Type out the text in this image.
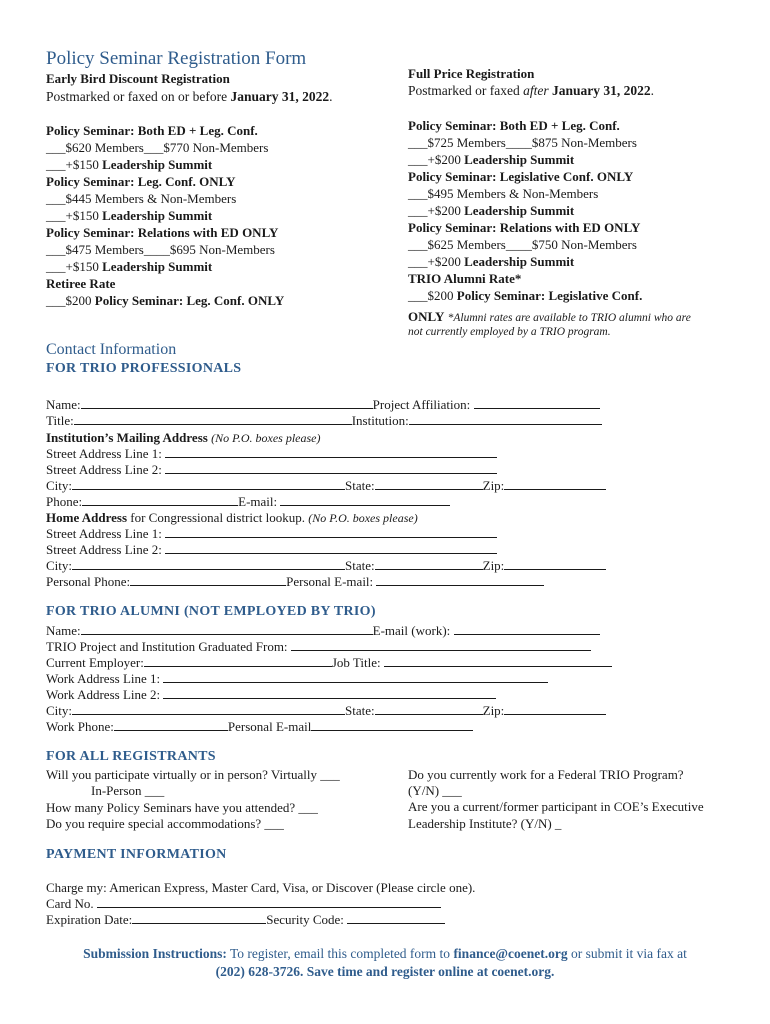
Policy Seminar Registration Form
Early Bird Discount Registration
Postmarked or faxed on or before January 31, 2022.
Policy Seminar: Both ED + Leg. Conf.
___$620 Members___$770 Non-Members
___+$150 Leadership Summit
Policy Seminar: Leg. Conf. ONLY
___$445 Members & Non-Members
___+$150 Leadership Summit
Policy Seminar: Relations with ED ONLY
___$475 Members____$695 Non-Members
___+$150 Leadership Summit
Retiree Rate
___$200 Policy Seminar: Leg. Conf. ONLY
Full Price Registration
Postmarked or faxed after January 31, 2022.
Policy Seminar: Both ED + Leg. Conf.
___$725 Members____$875 Non-Members
___+$200 Leadership Summit
Policy Seminar: Legislative Conf. ONLY
___$495 Members & Non-Members
___+$200 Leadership Summit
Policy Seminar: Relations with ED ONLY
___$625 Members____$750 Non-Members
___+$200 Leadership Summit
TRIO Alumni Rate*
___$200 Policy Seminar: Legislative Conf.
ONLY *Alumni rates are available to TRIO alumni who are
not currently employed by a TRIO program.
Contact Information
FOR TRIO PROFESSIONALS
Name:	Project Affiliation:
Title:	Institution:
Institution’s Mailing Address (No P.O. boxes please)
Street Address Line 1:
Street Address Line 2:
City:	State:	Zip:
Phone:	E-mail:
Home Address for Congressional district lookup. (No P.O. boxes please)
Street Address Line 1:
Street Address Line 2:
City:	State:	Zip:
Personal Phone:	Personal E-mail:
FOR TRIO ALUMNI (NOT EMPLOYED BY TRIO)
Name:	E-mail (work):
TRIO Project and Institution Graduated From:
Current Employer:	Job Title:
Work Address Line 1:
Work Address Line 2:
City:	State:	Zip:
Work Phone:	Personal E-mail
FOR ALL REGISTRANTS
Will you participate virtually or in person? Virtually ___
In-Person ___
How many Policy Seminars have you attended? ___
Do you require special accommodations? ___
Do you currently work for a Federal TRIO Program?
(Y/N) ___
Are you a current/former participant in COE’s Executive
Leadership Institute? (Y/N) _
PAYMENT INFORMATION
Charge my: American Express, Master Card, Visa, or Discover (Please circle one).
Card No.
Expiration Date:	Security Code:
Submission Instructions: To register, email this completed form to finance@coenet.org or submit it via fax at
(202) 628-3726. Save time and register online at coenet.org.
